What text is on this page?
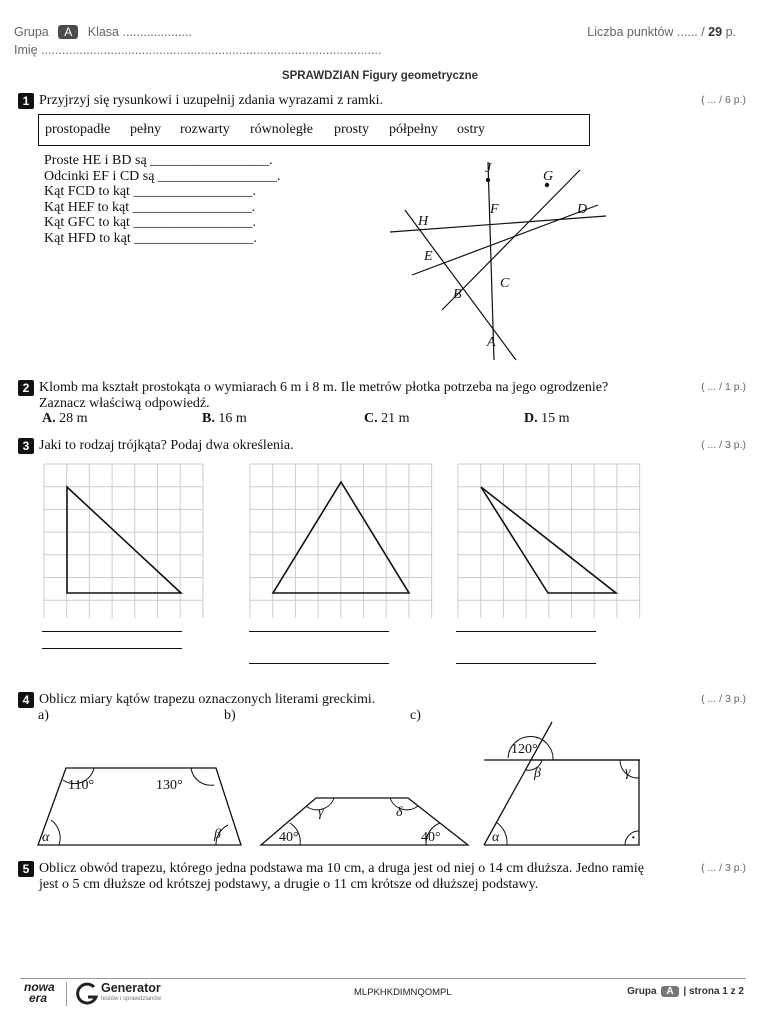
Grupa A Klasa ....................
Imię ..................................................................................................
Liczba punktów ...... / 29 p.
SPRAWDZIAN Figury geometryczne
1 Przyjrzyj się rysunkowi i uzupełnij zdania wyrazami z ramki.	( ... / 6 p.)
prostopadłe pełny rozwarty równoległe prosty półpełny ostry
Proste HE i BD są _________________.
Odcinki EF i CD są _________________.
Kąt FCD to kąt _________________.
Kąt HEF to kąt _________________.
Kąt GFC to kąt _________________.
Kąt HFD to kąt _________________.
J
G
F	D
H
E
C
B
A
2 Klomb ma kształt prostokąta o wymiarach 6 m i 8 m. Ile metrów płotka potrzeba na jego ogrodzenie?
Zaznacz właściwą odpowiedź.
( ... / 1 p.)
A. 28 m	B. 16 m	C. 21 m	D. 15 m
3 Jaki to rodzaj trójkąta? Podaj dwa określenia.	( ... / 3 p.)
4 Oblicz miary kątów trapezu oznaczonych literami greckimi.	( ... / 3 p.)
a)	b)	c)
110°	130°
α	β
γ	δ
40°	40°
120°
β	γ
α	·
5 Oblicz obwód trapezu, którego jedna podstawa ma 10 cm, a druga jest od niej o 14 cm dłuższa. Jedno ramię
jest o 5 cm dłuższe od krótszej podstawy, a drugie o 11 cm krótsze od dłuższej podstawy.
( ... / 3 p.)
nowa
era
Generator
testów i sprawdzianów
MLPKHKDIMNQOMPL	Grupa A | strona 1 z 2
